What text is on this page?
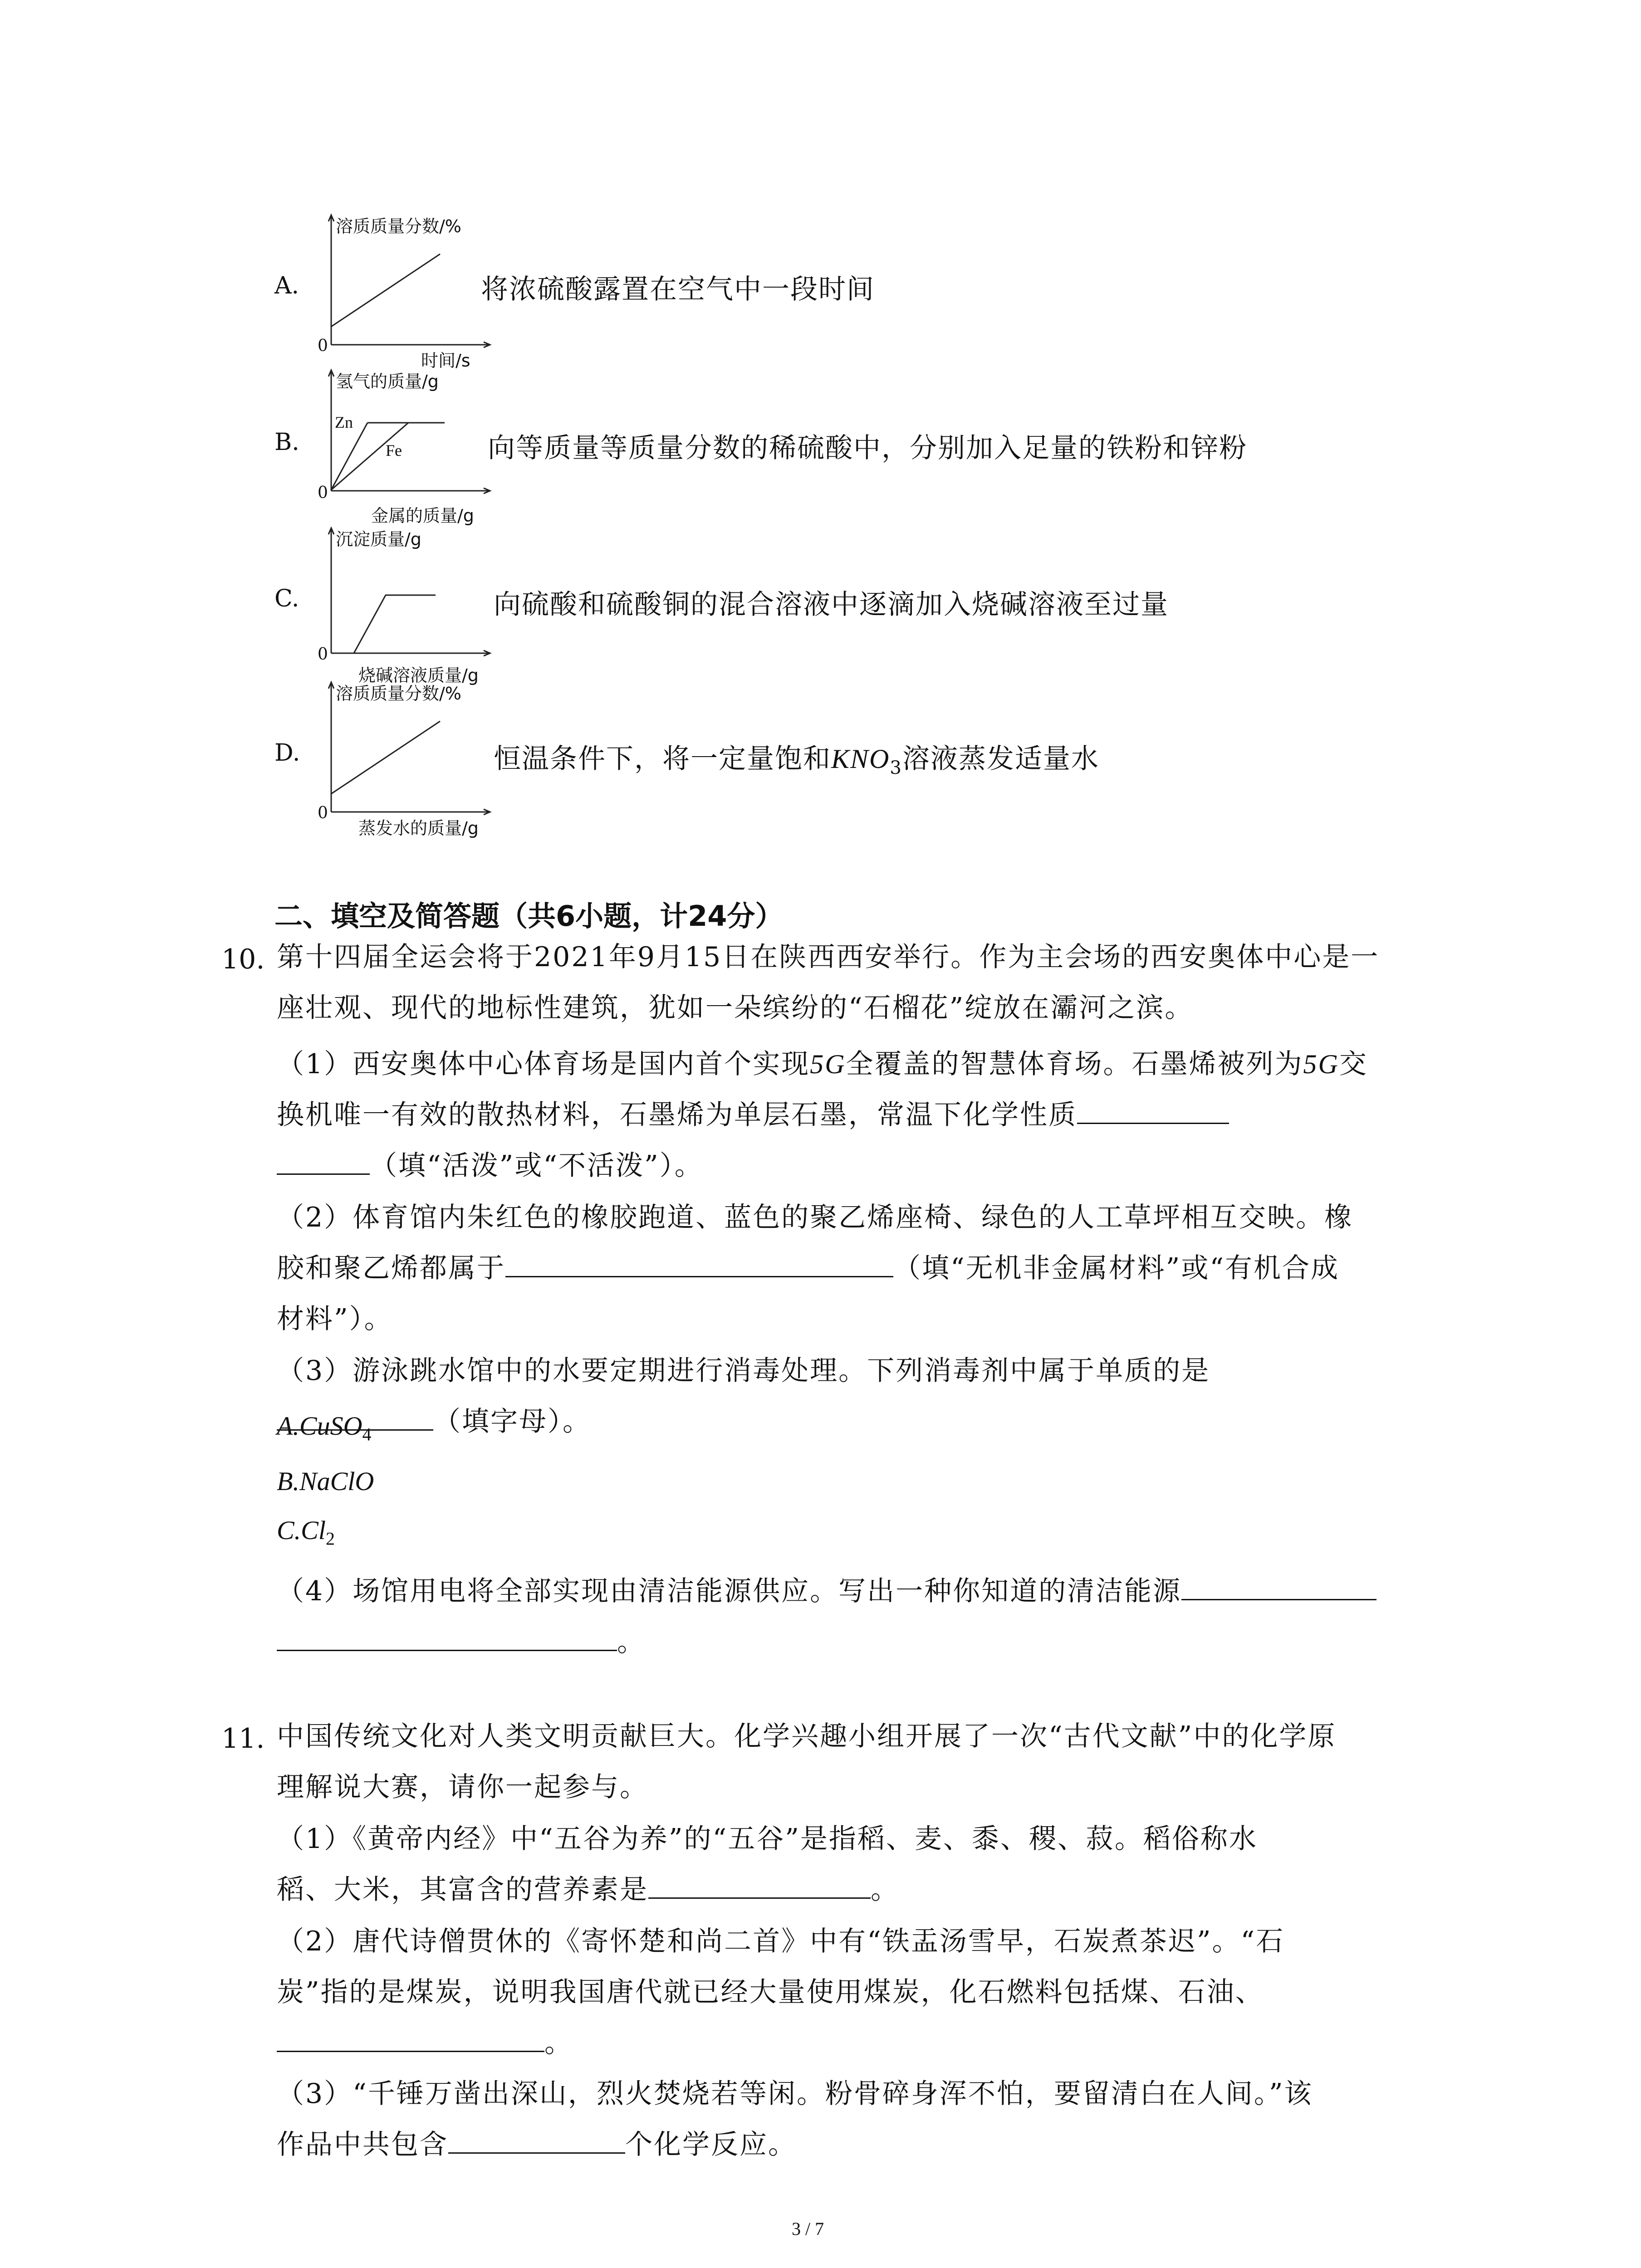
A.
溶质质量分数/%
0
时间/s
将浓硫酸露置在空气中一段时间
B.
氢气的质量/g
Zn
Fe
0
金属的质量/g
向等质量等质量分数的稀硫酸中，分别加入足量的铁粉和锌粉
C.
沉淀质量/g
0
烧碱溶液质量/g
向硫酸和硫酸铜的混合溶液中逐滴加入烧碱溶液至过量
D.
溶质质量分数/%
0
蒸发水的质量/g
恒温条件下，将一定量饱和$KNO_3$溶液蒸发适量水
二、填空及简答题（共6小题，计24分）
10. 第十四届全运会将于2021年9月15日在陕西西安举行。作为主会场的西安奥体中心是一
座壮观、现代的地标性建筑，犹如一朵缤纷的“石榴花”绽放在灞河之滨。
（1）西安奥体中心体育场是国内首个实现5G全覆盖的智慧体育场。石墨烯被列为5G交
换机唯一有效的散热材料，石墨烯为单层石墨，常温下化学性质
（填“活泼”或“不活泼”）。
（2）体育馆内朱红色的橡胶跑道、蓝色的聚乙烯座椅、绿色的人工草坪相互交映。橡
胶和聚乙烯都属于	（填“无机非金属材料”或“有机合成
材料”）。
（3）游泳跳水馆中的水要定期进行消毒处理。下列消毒剂中属于单质的是
（填字母）。
A.CuSO$_4$
B.NaClO
$C.Cl_2$
（4）场馆用电将全部实现由清洁能源供应。写出一种你知道的清洁能源
。
11. 中国传统文化对人类文明贡献巨大。化学兴趣小组开展了一次“古代文献”中的化学原
理解说大赛，请你一起参与。
（1）《黄帝内经》中“五谷为养”的“五谷”是指稻、麦、黍、稷、菽。稻俗称水
稻、大米，其富含的营养素是	。
（2）唐代诗僧贯休的《寄怀楚和尚二首》中有“铁盂汤雪早，石炭煮茶迟”。“石
炭”指的是煤炭，说明我国唐代就已经大量使用煤炭，化石燃料包括煤、石油、
。
（3）“千锤万凿出深山，烈火焚烧若等闲。粉骨碎身浑不怕，要留清白在人间。”该
作品中共包含	个化学反应。
3 / 7
